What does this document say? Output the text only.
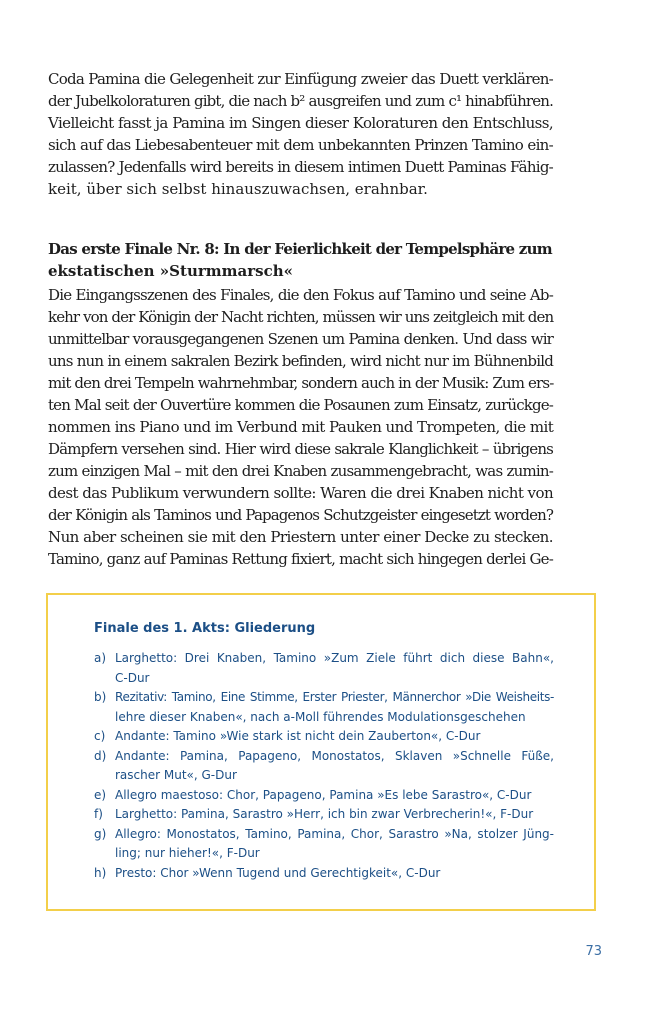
Coda Pamina die Gelegenheit zur Einfügung zweier das Duett verklären-
der Jubelkoloraturen gibt, die nach b² ausgreifen und zum c¹ hinabführen.
Vielleicht fasst ja Pamina im Singen dieser Koloraturen den Entschluss,
sich auf das Liebesabenteuer mit dem unbekannten Prinzen Tamino ein-
zulassen? Jedenfalls wird bereits in diesem intimen Duett Paminas Fähig-
keit, über sich selbst hinauszuwachsen, erahnbar.
Das erste Finale Nr. 8: In der Feierlichkeit der Tempelsphäre zum
ekstatischen »Sturmmarsch«
Die Eingangsszenen des Finales, die den Fokus auf Tamino und seine Ab-
kehr von der Königin der Nacht richten, müssen wir uns zeitgleich mit den
unmittelbar vorausgegangenen Szenen um Pamina denken. Und dass wir
uns nun in einem sakralen Bezirk befinden, wird nicht nur im Bühnenbild
mit den drei Tempeln wahrnehmbar, sondern auch in der Musik: Zum ers-
ten Mal seit der Ouvertüre kommen die Posaunen zum Einsatz, zurückge-
nommen ins Piano und im Verbund mit Pauken und Trompeten, die mit
Dämpfern versehen sind. Hier wird diese sakrale Klanglichkeit – übrigens
zum einzigen Mal – mit den drei Knaben zusammengebracht, was zumin-
dest das Publikum verwundern sollte: Waren die drei Knaben nicht von
der Königin als Taminos und Papagenos Schutzgeister eingesetzt worden?
Nun aber scheinen sie mit den Priestern unter einer Decke zu stecken.
Tamino, ganz auf Paminas Rettung fixiert, macht sich hingegen derlei Ge-

Finale des 1. Akts: Gliederung

a) Larghetto: Drei Knaben, Tamino »Zum Ziele führt dich diese Bahn«,
C-Dur
b) Rezitativ: Tamino, Eine Stimme, Erster Priester, Männerchor »Die Weisheits-
lehre dieser Knaben«, nach a-Moll führendes Modulationsgeschehen
c) Andante: Tamino »Wie stark ist nicht dein Zauberton«, C-Dur
d) Andante: Pamina, Papageno, Monostatos, Sklaven »Schnelle Füße,
rascher Mut«, G-Dur
e) Allegro maestoso: Chor, Papageno, Pamina »Es lebe Sarastro«, C-Dur
f) Larghetto: Pamina, Sarastro »Herr, ich bin zwar Verbrecherin!«, F-Dur
g) Allegro: Monostatos, Tamino, Pamina, Chor, Sarastro »Na, stolzer Jüng-
ling; nur hieher!«, F-Dur
h) Presto: Chor »Wenn Tugend und Gerechtigkeit«, C-Dur
73
